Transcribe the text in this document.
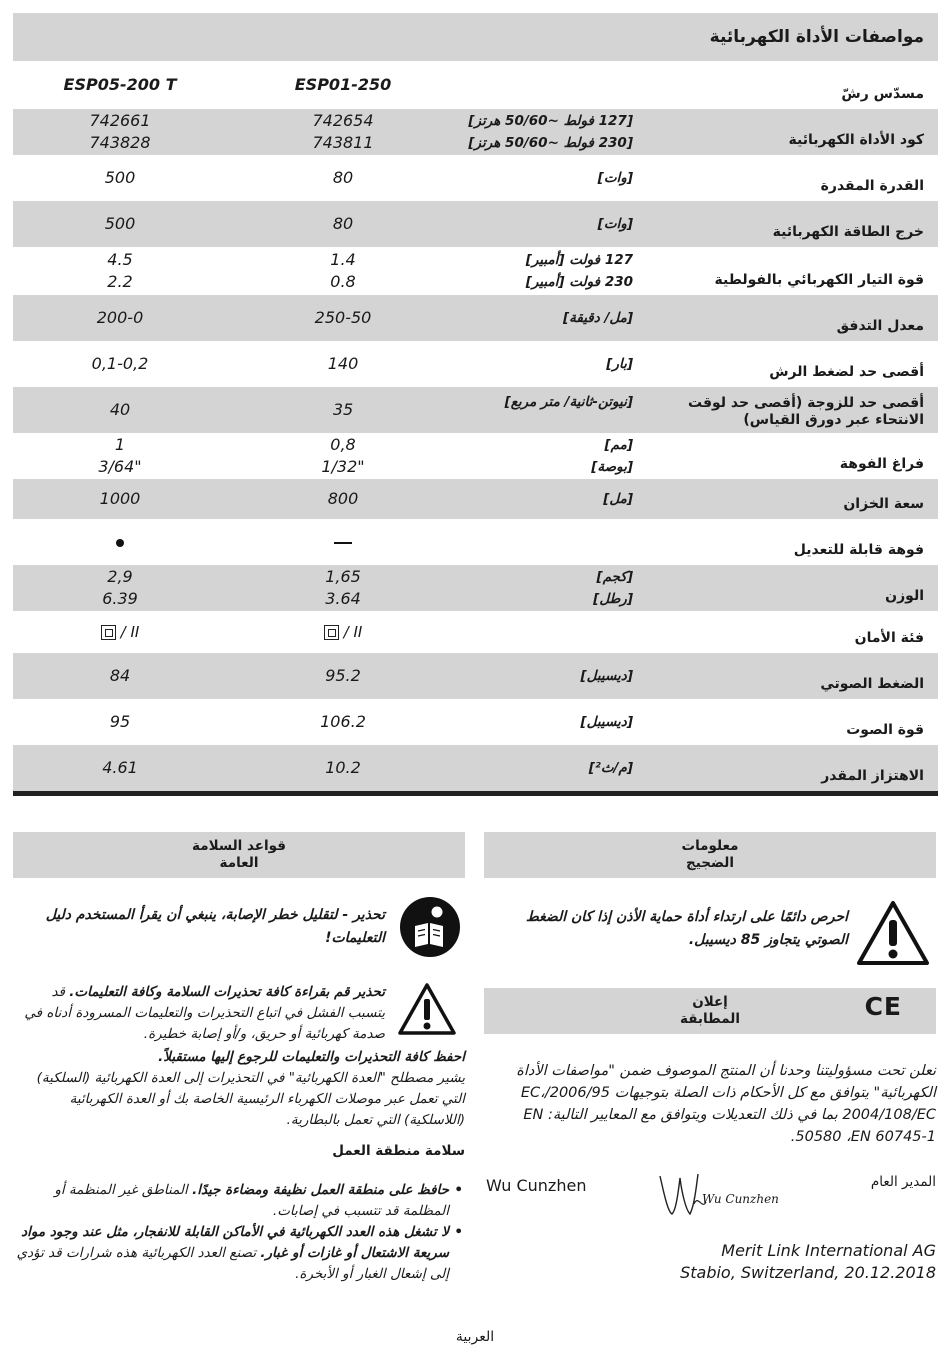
مواصفات الأداة الكهربائية
مسدّس رشّ
ESP01-250
ESP05-200 T
كود الأداة الكهربائية
[127 فولط ~50/60 هرتز]
[230 فولط ~50/60 هرتز]
742654
743811
742661
743828
القدرة المقدرة
[وات]
80
500
خرج الطاقة الكهربائية
[وات]
80
500
قوة التيار الكهربائي بالفولطية
127 فولت [أمبير]
230 فولت [أمبير]
1.4
0.8
4.5
2.2
معدل التدفق
[مل/ دقيقة]
250-50
200-0
أقصى حد لضغط الرش
[بار]
140
0,1-0,2
أقصى حد للزوجة (أقصى حد لوقت الانتحاء عبر دورق القياس)
[نيوتن-ثانية/ متر مربع]
35
40
فراغ الفوهة
[مم]
[بوصة]
0,8
1/32"
1
3/64"
سعة الخزان
[مل]
800
1000
فوهة قابلة للتعديل
الوزن
[كجم]
[رطل]
1,65
3.64
2,9
6.39
فئة الأمان
/ II
/ II
الضغط الصوتي
[ديسيبل]
95.2
84
قوة الصوت
[ديسيبل]
106.2
95
الاهتزاز المقدر
[م/ث²]
10.2
4.61
معلومات
الضجيج
احرص دائمًا على ارتداء أداة حماية الأذن إذا كان الضغط الصوتي يتجاوز 85 ديسيبل.
إعلان
المطابقة	CE
نعلن تحت مسؤوليتنا وحدنا أن المنتج الموصوف ضمن "مواصفات الأداة الكهربائية" يتوافق مع كل الأحكام ذات الصلة بتوجيهات 2006/95/EC، 2004/108/EC بما في ذلك التعديلات ويتوافق مع المعايير التالية: EN 50580 ،EN 60745-1.
المدير العام
Wu Cunzhen
Wu Cunzhen
Merit Link International AG
Stabio, Switzerland, 20.12.2018
قواعد السلامة
العامة
تحذير - لتقليل خطر الإصابة، ينبغي أن يقرأ المستخدم دليل التعليمات!
تحذير قم بقراءة كافة تحذيرات السلامة وكافة التعليمات. قد يتسبب الفشل في اتباع التحذيرات والتعليمات المسرودة أدناه في صدمة كهربائية أو حريق، و/أو إصابة خطيرة.
احفظ كافة التحذيرات والتعليمات للرجوع إليها مستقبلاً.
يشير مصطلح "العدة الكهربائية" في التحذيرات إلى العدة الكهربائية (السلكية) التي تعمل عبر موصلات الكهرباء الرئيسية الخاصة بك أو العدة الكهربائية (اللاسلكية) التي تعمل بالبطارية.
سلامة منطقة العمل
• حافظ على منطقة العمل نظيفة ومضاءة جيدًا. المناطق غير المنظمة أو المظلمة قد تتسبب في إصابات.
• لا تشغل هذه العدد الكهربائية في الأماكن القابلة للانفجار، مثل عند وجود مواد سريعة الاشتعال أو غازات أو غبار. تصنع العدد الكهربائية هذه شرارات قد تؤدي إلى إشعال الغبار أو الأبخرة.
العربية
